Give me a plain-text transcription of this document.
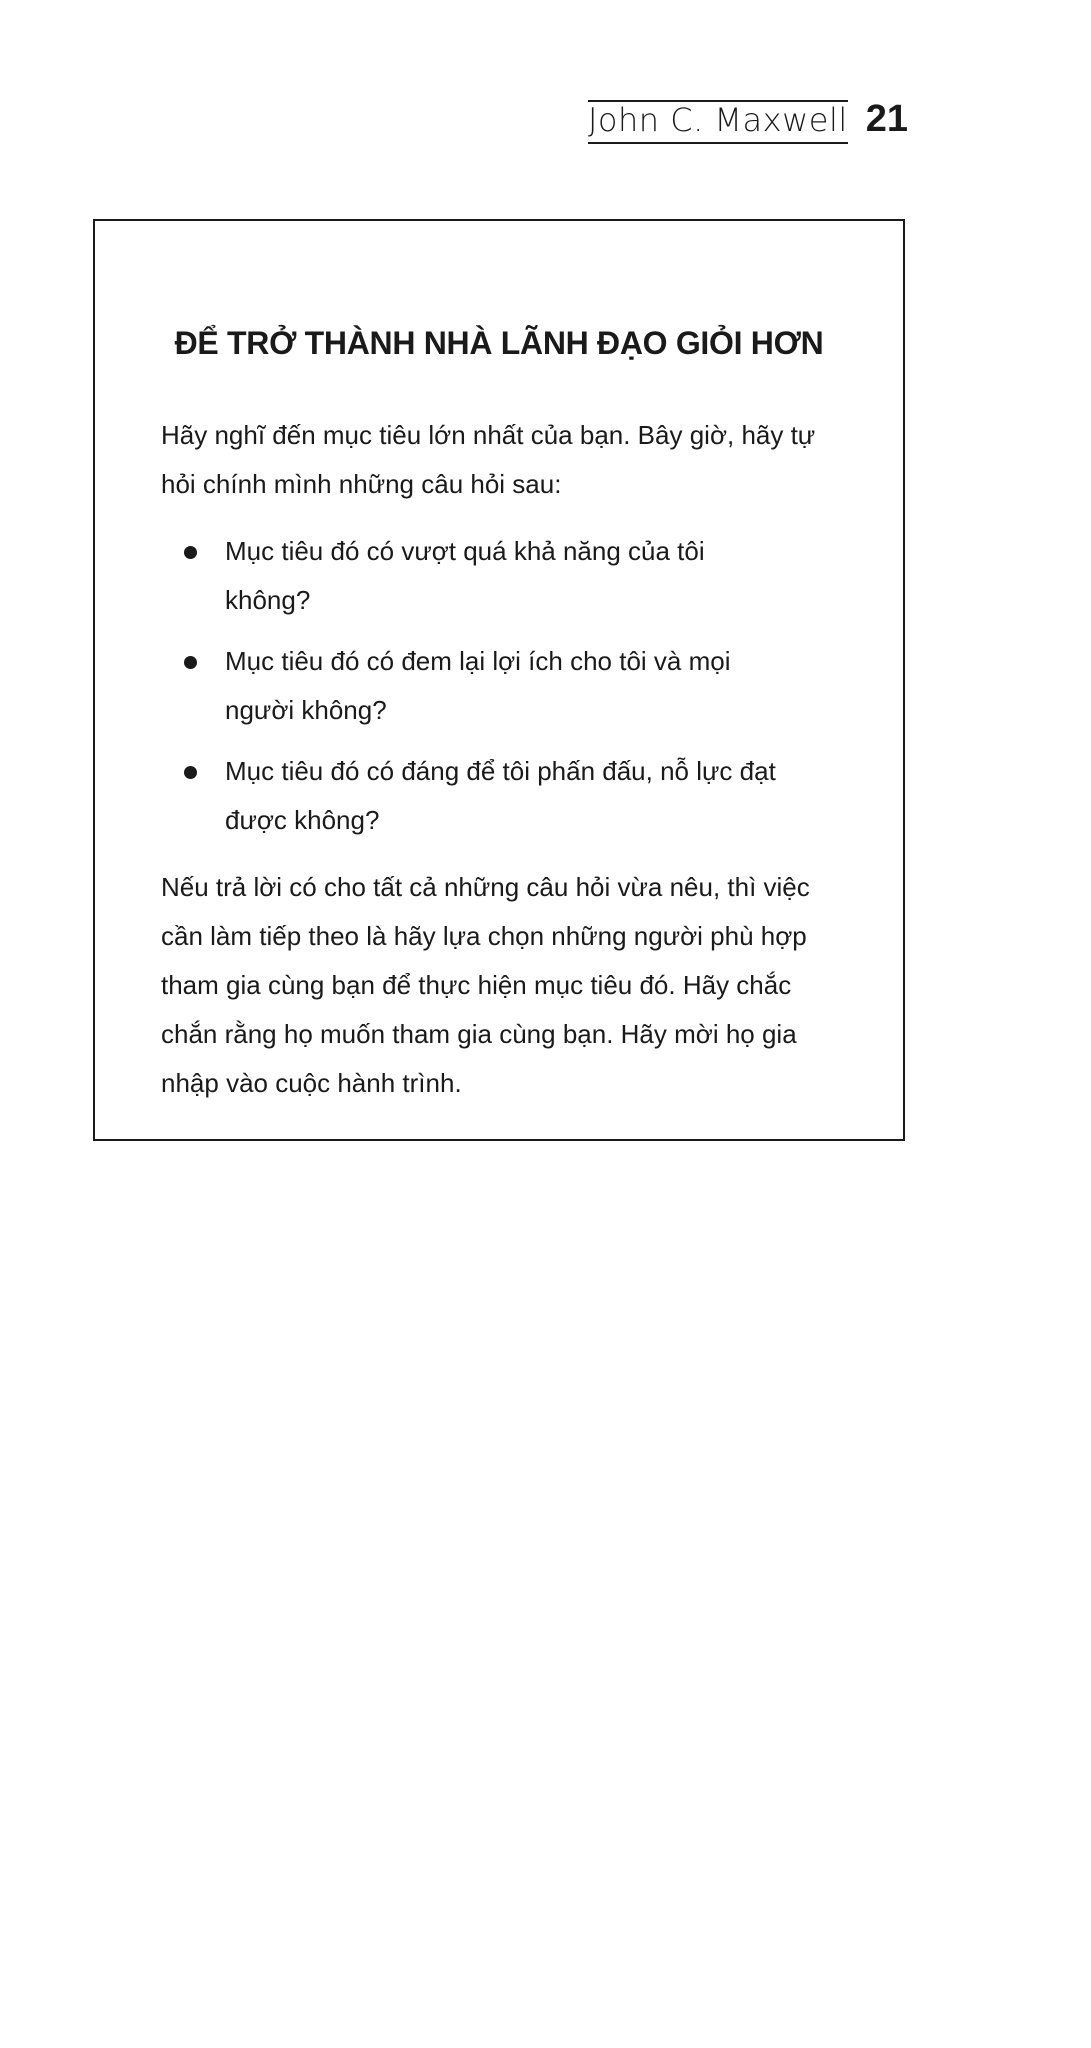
John C. Maxwell 21
ĐỂ TRỞ THÀNH NHÀ LÃNH ĐẠO GIỎI HƠN

Hãy nghĩ đến mục tiêu lớn nhất của bạn. Bây giờ, hãy tự hỏi chính mình những câu hỏi sau:

Mục tiêu đó có vượt quá khả năng của tôi không?
Mục tiêu đó có đem lại lợi ích cho tôi và mọi người không?
Mục tiêu đó có đáng để tôi phấn đấu, nỗ lực đạt được không?

Nếu trả lời có cho tất cả những câu hỏi vừa nêu, thì việc cần làm tiếp theo là hãy lựa chọn những người phù hợp tham gia cùng bạn để thực hiện mục tiêu đó. Hãy chắc chắn rằng họ muốn tham gia cùng bạn. Hãy mời họ gia nhập vào cuộc hành trình.
